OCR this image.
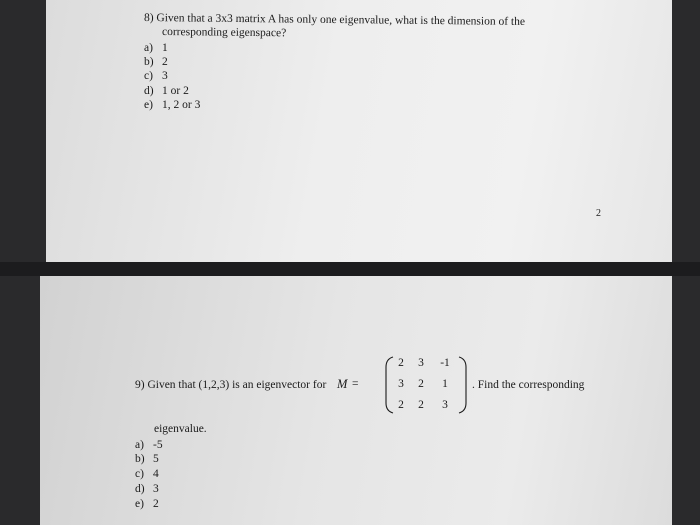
8) Given that a 3x3 matrix A has only one eigenvalue, what is the dimension of the
corresponding eigenspace?
a) 1
b) 2
c) 3
d) 1 or 2
e) 1, 2 or 3
2
9) Given that (1,2,3) is an eigenvector for M =
2	3	-1
3	2	1
2	2	3
. Find the corresponding
eigenvalue.
a) -5
b) 5
c) 4
d) 3
e) 2
